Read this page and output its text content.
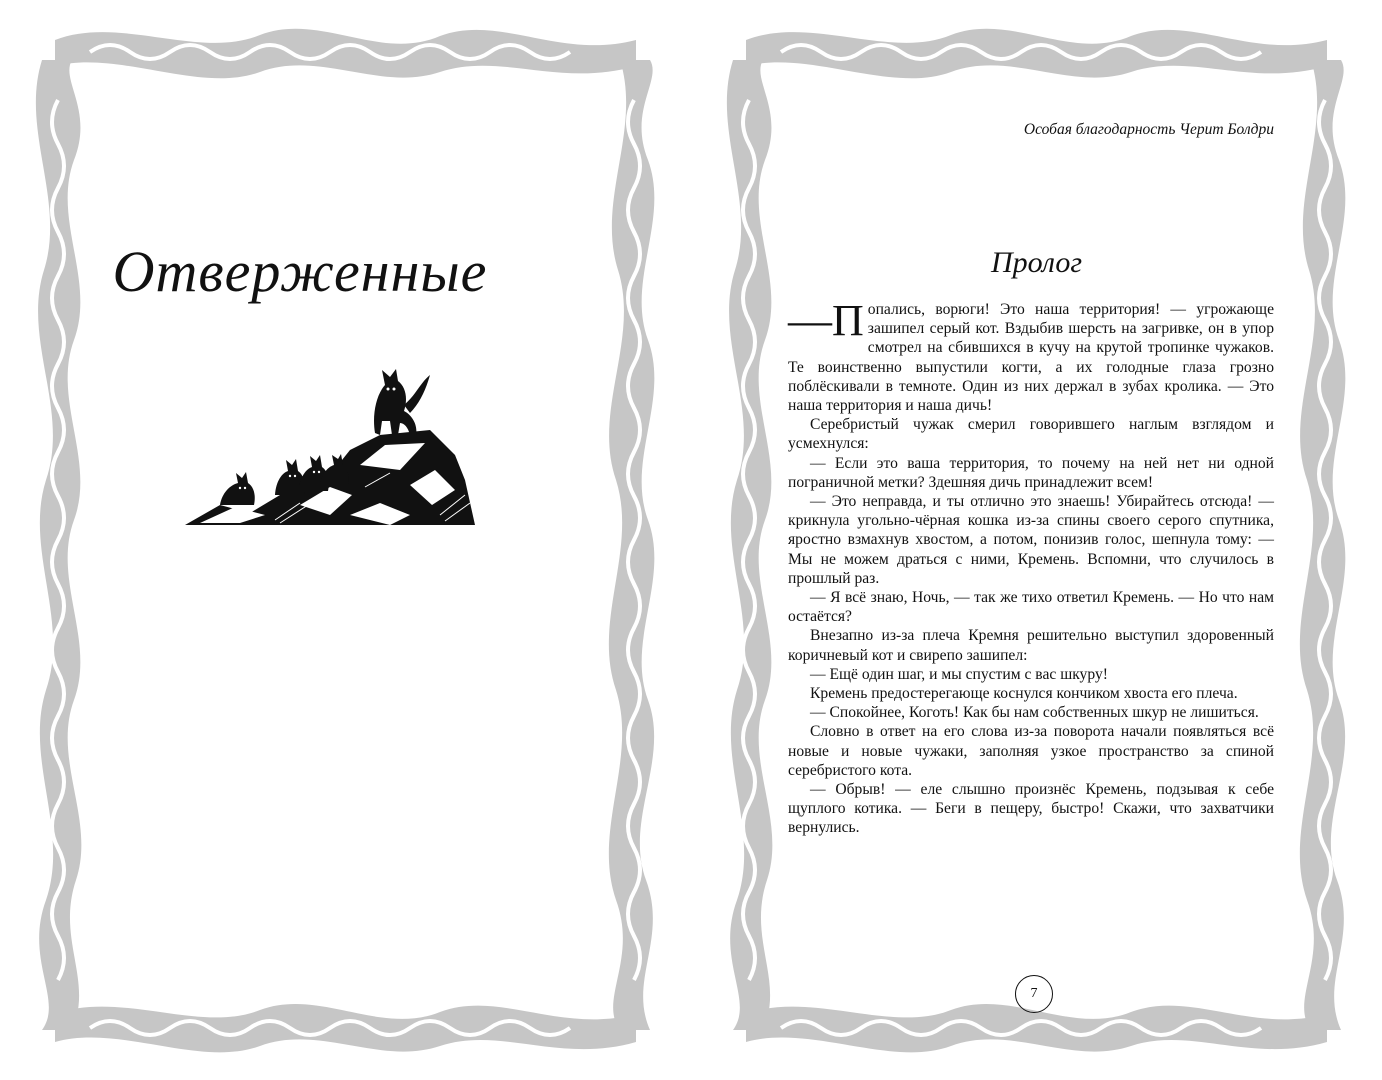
Отверженные
Особая благодарность Черит Болдри
Пролог

—П опались, ворюги! Это наша территория! — угрожающе зашипел серый кот. Вздыбив шерсть на загривке, он в упор смотрел на сбившихся в кучу на крутой тропинке чужаков. Те воинственно выпустили когти, а их голодные глаза грозно поблёскивали в темноте. Один из них держал в зубах кролика. — Это наша территория и наша дичь!

Серебристый чужак смерил говорившего наглым взглядом и усмехнулся:

— Если это ваша территория, то почему на ней нет ни одной пограничной метки? Здешняя дичь принадлежит всем!

— Это неправда, и ты отлично это знаешь! Убирайтесь отсюда! — крикнула угольно-чёрная кошка из-за спины своего серого спутника, яростно взмахнув хвостом, а потом, понизив голос, шепнула тому: — Мы не можем драться с ними, Кремень. Вспомни, что случилось в прошлый раз.

— Я всё знаю, Ночь, — так же тихо ответил Кремень. — Но что нам остаётся?

Внезапно из-за плеча Кремня решительно выступил здоровенный коричневый кот и свирепо зашипел:

— Ещё один шаг, и мы спустим с вас шкуру!

Кремень предостерегающе коснулся кончиком хвоста его плеча.

— Спокойнее, Коготь! Как бы нам собственных шкур не лишиться.

Словно в ответ на его слова из-за поворота начали появляться всё новые и новые чужаки, заполняя узкое пространство за спиной серебристого кота.

— Обрыв! — еле слышно произнёс Кремень, подзывая к себе щуплого котика. — Беги в пещеру, быстро! Скажи, что захватчики вернулись.

7
